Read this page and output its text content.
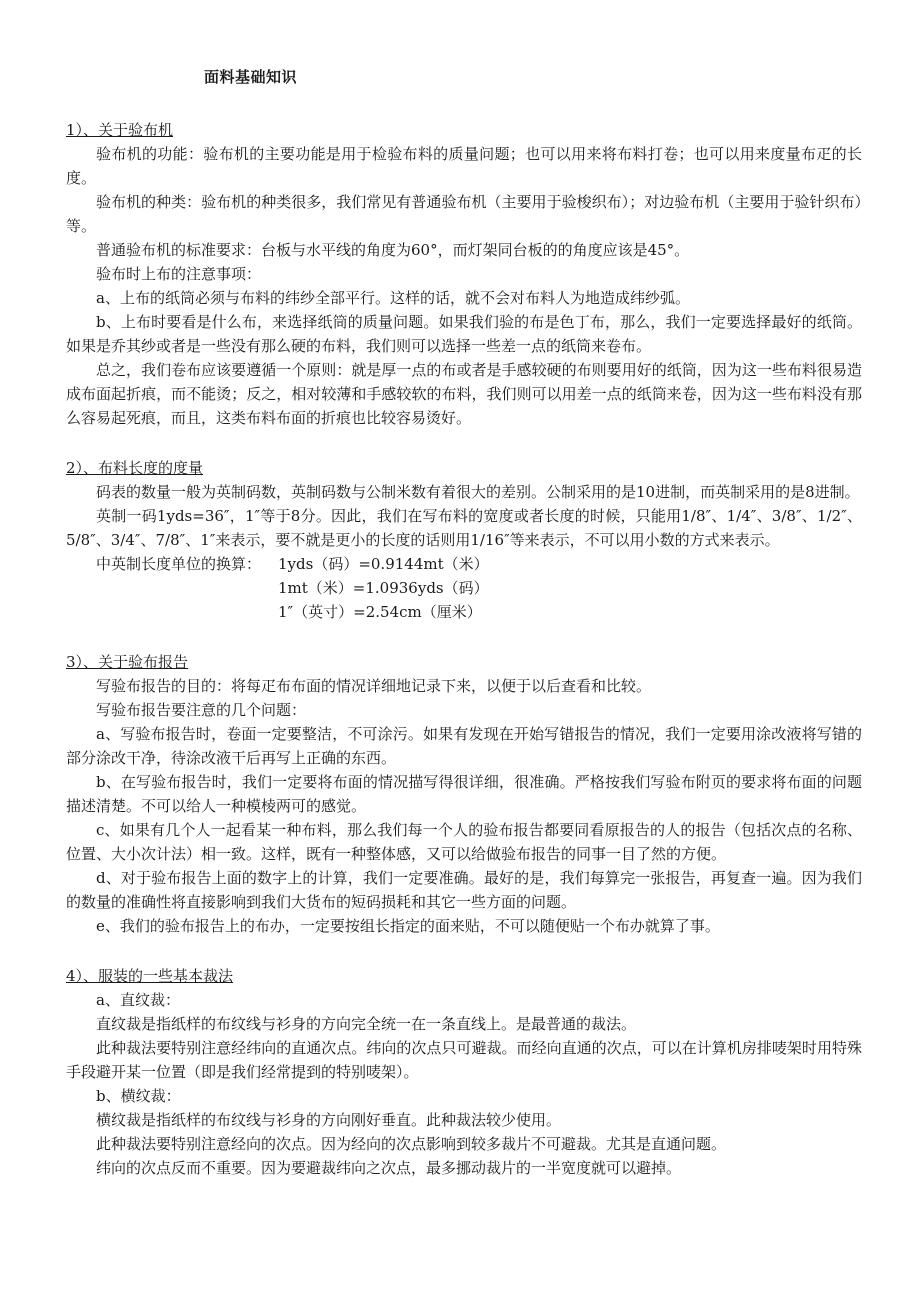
面料基础知识
1）、关于验布机

验布机的功能：验布机的主要功能是用于检验布料的质量问题；也可以用来将布料打卷；也可以用来度量布疋的长度。

验布机的种类：验布机的种类很多，我们常见有普通验布机（主要用于验梭织布）；对边验布机（主要用于验针织布）等。

普通验布机的标准要求：台板与水平线的角度为60°，而灯架同台板的的角度应该是45°。

验布时上布的注意事项：

a、上布的纸筒必须与布料的纬纱全部平行。这样的话，就不会对布料人为地造成纬纱弧。

b、上布时要看是什么布，来选择纸筒的质量问题。如果我们验的布是色丁布，那么，我们一定要选择最好的纸筒。如果是乔其纱或者是一些没有那么硬的布料，我们则可以选择一些差一点的纸筒来卷布。

总之，我们卷布应该要遵循一个原则：就是厚一点的布或者是手感较硬的布则要用好的纸筒，因为这一些布料很易造成布面起折痕，而不能烫；反之，相对较薄和手感较软的布料，我们则可以用差一点的纸筒来卷，因为这一些布料没有那么容易起死痕，而且，这类布料布面的折痕也比较容易烫好。

2）、布料长度的度量

码表的数量一般为英制码数，英制码数与公制米数有着很大的差别。公制采用的是10进制，而英制采用的是8进制。

英制一码1yds=36″，1″等于8分。因此，我们在写布料的宽度或者长度的时候，只能用1/8″、1/4″、3/8″、1/2″、5/8″、3/4″、7/8″、1″来表示，要不就是更小的长度的话则用1/16″等来表示，不可以用小数的方式来表示。

中英制长度单位的换算：	1yds（码）=0.9144mt（米）
1mt（米）=1.0936yds（码）
1″（英寸）=2.54cm（厘米）
3）、关于验布报告

写验布报告的目的：将每疋布布面的情况详细地记录下来，以便于以后查看和比较。

写验布报告要注意的几个问题：

a、写验布报告时，卷面一定要整洁，不可涂污。如果有发现在开始写错报告的情况，我们一定要用涂改液将写错的部分涂改干净，待涂改液干后再写上正确的东西。

b、在写验布报告时，我们一定要将布面的情况描写得很详细，很准确。严格按我们写验布附页的要求将布面的问题描述清楚。不可以给人一种模棱两可的感觉。

c、如果有几个人一起看某一种布料，那么我们每一个人的验布报告都要同看原报告的人的报告（包括次点的名称、位置、大小次计法）相一致。这样，既有一种整体感，又可以给做验布报告的同事一目了然的方便。

d、对于验布报告上面的数字上的计算，我们一定要准确。最好的是，我们每算完一张报告，再复查一遍。因为我们的数量的准确性将直接影响到我们大货布的短码损耗和其它一些方面的问题。

e、我们的验布报告上的布办，一定要按组长指定的面来贴，不可以随便贴一个布办就算了事。

4）、服装的一些基本裁法

a、直纹裁：

直纹裁是指纸样的布纹线与衫身的方向完全统一在一条直线上。是最普通的裁法。

此种裁法要特别注意经纬向的直通次点。纬向的次点只可避裁。而经向直通的次点，可以在计算机房排唛架时用特殊手段避开某一位置（即是我们经常提到的特别唛架）。

b、横纹裁：

横纹裁是指纸样的布纹线与衫身的方向刚好垂直。此种裁法较少使用。

此种裁法要特别注意经向的次点。因为经向的次点影响到较多裁片不可避裁。尤其是直通问题。

纬向的次点反而不重要。因为要避裁纬向之次点，最多挪动裁片的一半宽度就可以避掉。
